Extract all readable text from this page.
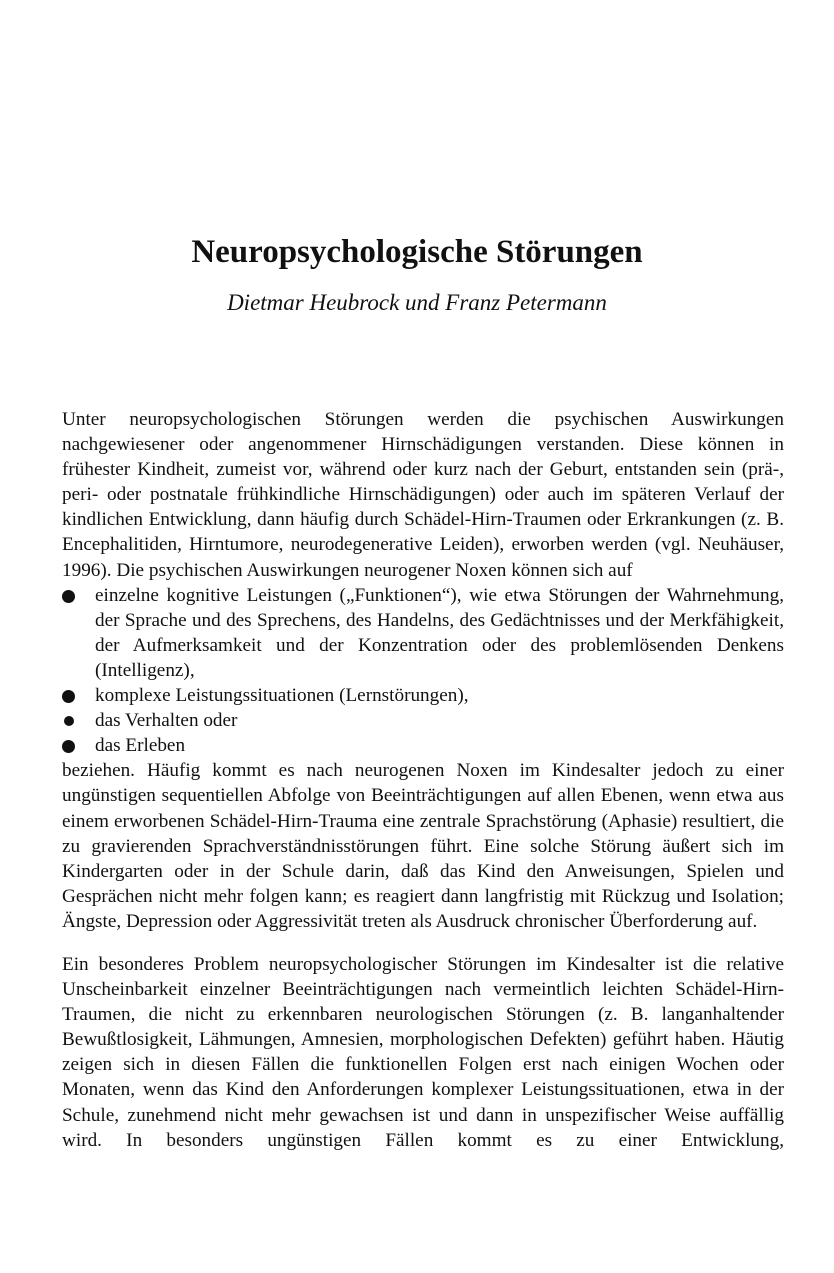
Neuropsychologische Störungen
Dietmar Heubrock und Franz Petermann

Unter neuropsychologischen Störungen werden die psychischen Auswirkungen nachgewiesener oder angenommener Hirnschädigungen verstanden. Diese können in frühester Kindheit, zumeist vor, während oder kurz nach der Geburt, entstanden sein (prä-, peri- oder postnatale frühkindliche Hirnschädigungen) oder auch im späteren Verlauf der kindlichen Entwicklung, dann häufig durch Schädel-Hirn-Traumen oder Erkrankungen (z. B. Encephalitiden, Hirntumore, neurodegenerative Leiden), erworben werden (vgl. Neuhäuser, 1996). Die psychischen Auswirkungen neurogener Noxen können sich auf

einzelne kognitive Leistungen („Funktionen“), wie etwa Störungen der Wahrnehmung, der Sprache und des Sprechens, des Handelns, des Gedächtnisses und der Merkfähigkeit, der Aufmerksamkeit und der Konzentration oder des problemlösenden Denkens (Intelligenz),
komplexe Leistungssituationen (Lernstörungen),
das Verhalten oder
das Erleben

beziehen. Häufig kommt es nach neurogenen Noxen im Kindesalter jedoch zu einer ungünstigen sequentiellen Abfolge von Beeinträchtigungen auf allen Ebenen, wenn etwa aus einem erworbenen Schädel-Hirn-Trauma eine zentrale Sprachstörung (Aphasie) resultiert, die zu gravierenden Sprachverständnisstörungen führt. Eine solche Störung äußert sich im Kindergarten oder in der Schule darin, daß das Kind den Anweisungen, Spielen und Gesprächen nicht mehr folgen kann; es reagiert dann langfristig mit Rückzug und Isolation; Ängste, Depression oder Aggressivität treten als Ausdruck chronischer Überforderung auf.

Ein besonderes Problem neuropsychologischer Störungen im Kindesalter ist die relative Unscheinbarkeit einzelner Beeinträchtigungen nach vermeintlich leichten Schädel-Hirn-Traumen, die nicht zu erkennbaren neurologischen Störungen (z. B. langanhaltender Bewußtlosigkeit, Lähmungen, Amnesien, morphologischen Defekten) geführt haben. Häutig zeigen sich in diesen Fällen die funktionellen Folgen erst nach einigen Wochen oder Monaten, wenn das Kind den Anforderungen komplexer Leistungssituationen, etwa in der Schule, zunehmend nicht mehr gewachsen ist und dann in unspezifischer Weise auffällig wird. In besonders ungünstigen Fällen kommt es zu einer Entwicklung,
